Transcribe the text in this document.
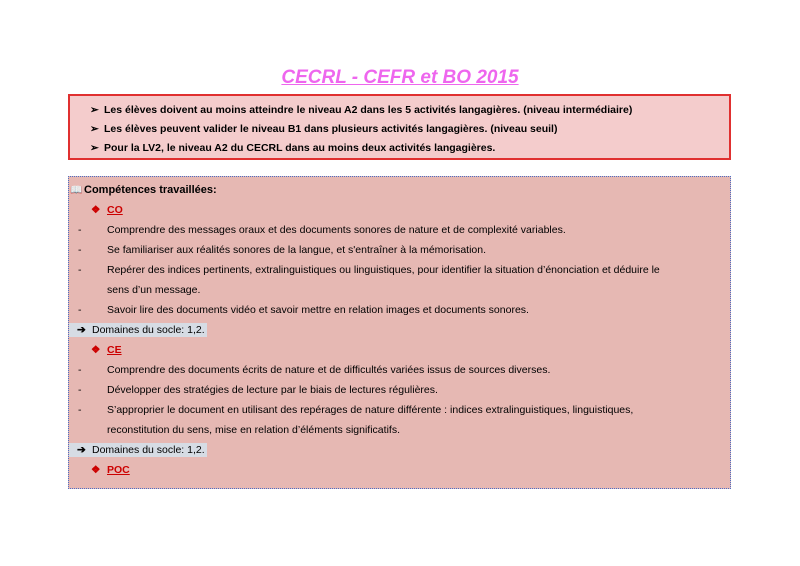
CECRL - CEFR et BO 2015
➢ Les élèves doivent au moins atteindre le niveau A2 dans les 5 activités langagières. (niveau intermédiaire)
➢ Les élèves peuvent valider le niveau B1 dans plusieurs activités langagières. (niveau seuil)
➢ Pour la LV2, le niveau A2 du CECRL dans au moins deux activités langagières.
📖 Compétences travaillées:
❖ CO
- Comprendre des messages oraux et des documents sonores de nature et de complexité variables.
- Se familiariser aux réalités sonores de la langue, et s'entraîner à la mémorisation.
- Repérer des indices pertinents, extralinguistiques ou linguistiques, pour identifier la situation d’énonciation et déduire le
sens d’un message.
- Savoir lire des documents vidéo et savoir mettre en relation images et documents sonores.
➔ Domaines du socle: 1,2.
❖ CE
- Comprendre des documents écrits de nature et de difficultés variées issus de sources diverses.
- Développer des stratégies de lecture par le biais de lectures régulières.
- S’approprier le document en utilisant des repérages de nature différente : indices extralinguistiques, linguistiques,
reconstitution du sens, mise en relation d’éléments significatifs.
➔ Domaines du socle: 1,2.
❖ POC
